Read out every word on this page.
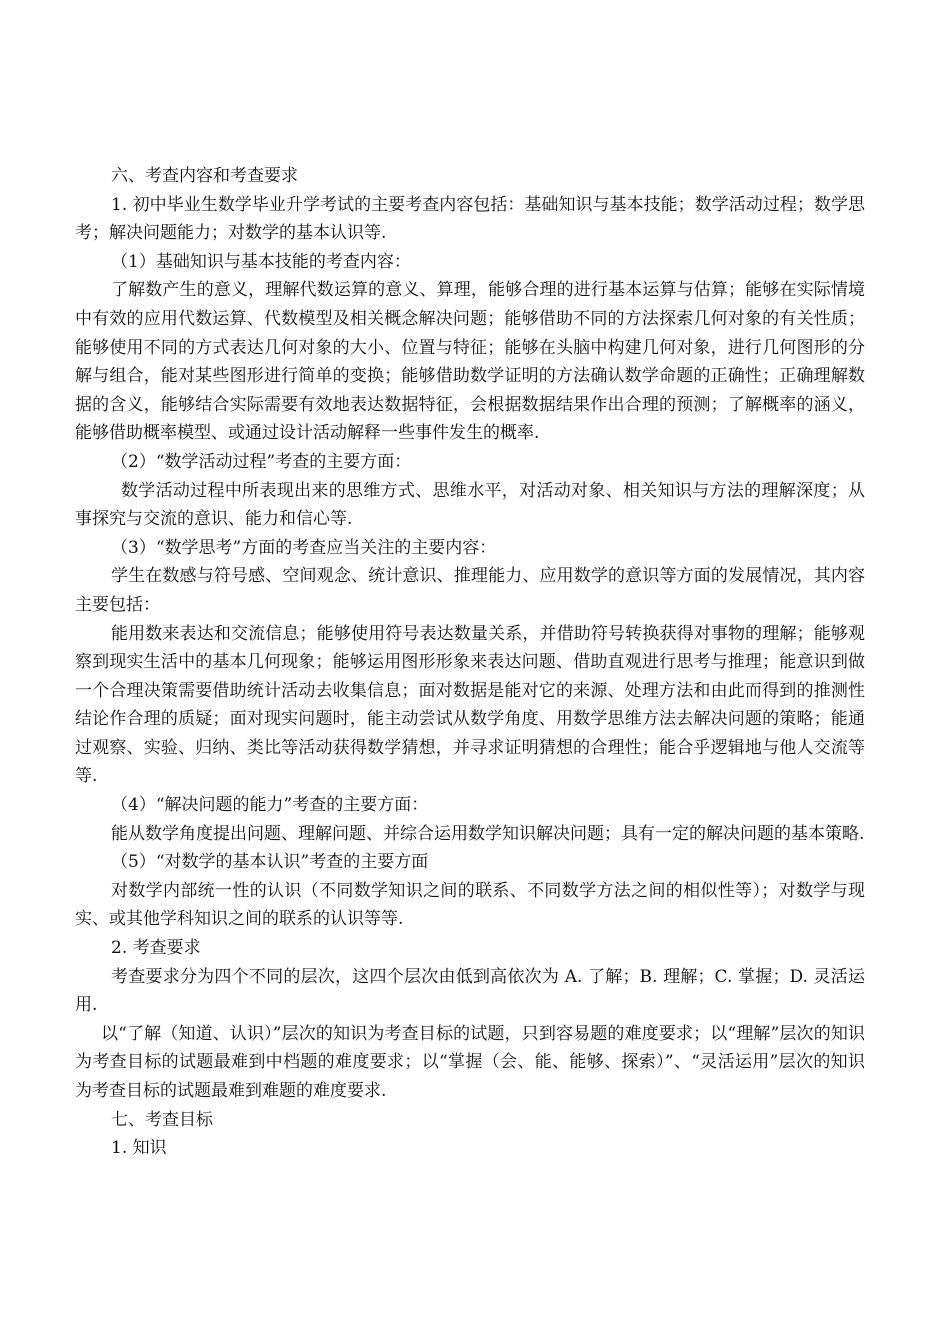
六、考查内容和考查要求

1. 初中毕业生数学毕业升学考试的主要考查内容包括：基础知识与基本技能；数学活动过程；数学思考；解决问题能力；对数学的基本认识等.

（1）基础知识与基本技能的考查内容：

了解数产生的意义，理解代数运算的意义、算理，能够合理的进行基本运算与估算；能够在实际情境中有效的应用代数运算、代数模型及相关概念解决问题；能够借助不同的方法探索几何对象的有关性质；能够使用不同的方式表达几何对象的大小、位置与特征；能够在头脑中构建几何对象，进行几何图形的分解与组合，能对某些图形进行简单的变换；能够借助数学证明的方法确认数学命题的正确性；正确理解数据的含义，能够结合实际需要有效地表达数据特征，会根据数据结果作出合理的预测；了解概率的涵义，能够借助概率模型、或通过设计活动解释一些事件发生的概率.

（2）“数学活动过程”考查的主要方面：

数学活动过程中所表现出来的思维方式、思维水平，对活动对象、相关知识与方法的理解深度；从事探究与交流的意识、能力和信心等.

（3）“数学思考”方面的考查应当关注的主要内容：

学生在数感与符号感、空间观念、统计意识、推理能力、应用数学的意识等方面的发展情况，其内容主要包括：

能用数来表达和交流信息；能够使用符号表达数量关系，并借助符号转换获得对事物的理解；能够观察到现实生活中的基本几何现象；能够运用图形形象来表达问题、借助直观进行思考与推理；能意识到做一个合理决策需要借助统计活动去收集信息；面对数据是能对它的来源、处理方法和由此而得到的推测性结论作合理的质疑；面对现实问题时，能主动尝试从数学角度、用数学思维方法去解决问题的策略；能通过观察、实验、归纳、类比等活动获得数学猜想，并寻求证明猜想的合理性；能合乎逻辑地与他人交流等等.

（4）“解决问题的能力”考查的主要方面：

能从数学角度提出问题、理解问题、并综合运用数学知识解决问题；具有一定的解决问题的基本策略.

（5）“对数学的基本认识”考查的主要方面

对数学内部统一性的认识（不同数学知识之间的联系、不同数学方法之间的相似性等）；对数学与现实、或其他学科知识之间的联系的认识等等.

2. 考查要求

考查要求分为四个不同的层次，这四个层次由低到高依次为 A. 了解；B. 理解；C. 掌握；D. 灵活运用.

以“了解（知道、认识）”层次的知识为考查目标的试题，只到容易题的难度要求；以“理解”层次的知识为考查目标的试题最难到中档题的难度要求；以“掌握（会、能、能够、探索）”、“灵活运用”层次的知识为考查目标的试题最难到难题的难度要求.

七、考查目标

1. 知识
